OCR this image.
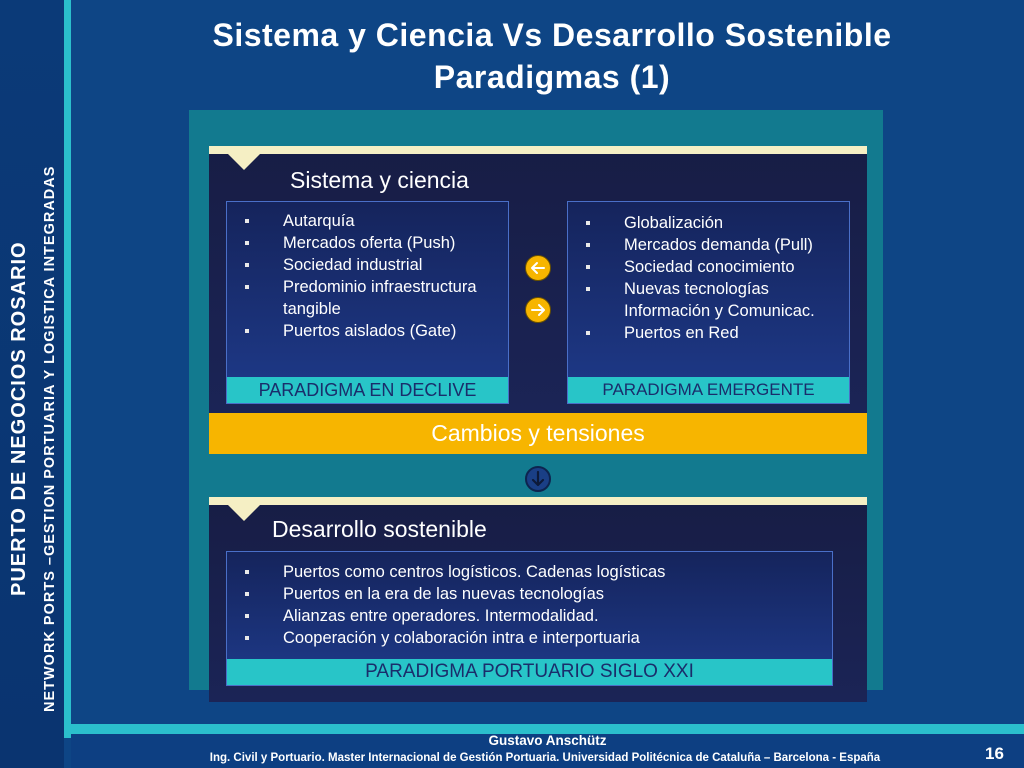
PUERTO DE NEGOCIOS ROSARIO NETWORK PORTS –GESTION PORTUARIA Y LOGISTICA INTEGRADAS
Sistema y Ciencia Vs Desarrollo Sostenible
Paradigmas (1)
Sistema y ciencia
Autarquía
Mercados oferta (Push)
Sociedad industrial
Predominio infraestructura tangible
Puertos aislados (Gate)
PARADIGMA EN DECLIVE
Globalización
Mercados demanda (Pull)
Sociedad conocimiento
Nuevas tecnologías Información y Comunicac.
Puertos en Red
PARADIGMA EMERGENTE
Cambios y tensiones
Desarrollo sostenible
Puertos como centros logísticos. Cadenas logísticas
Puertos en la era de las nuevas tecnologías
Alianzas entre operadores. Intermodalidad.
Cooperación y colaboración intra e interportuaria
PARADIGMA PORTUARIO SIGLO XXI
Gustavo Anschütz
Ing. Civil y Portuario. Master Internacional de Gestión Portuaria. Universidad Politécnica de Cataluña – Barcelona - España	16
